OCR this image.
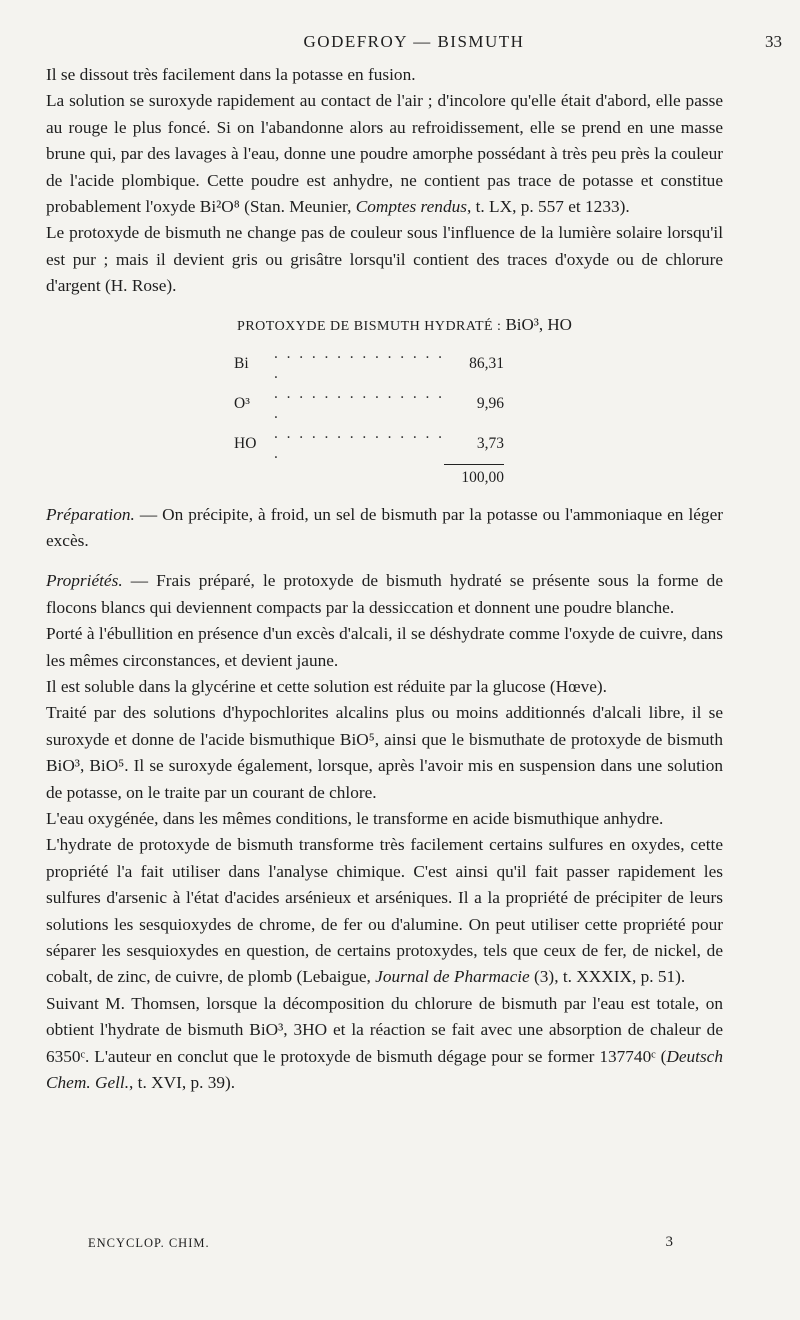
GODEFROY — BISMUTH	33

Il se dissout très facilement dans la potasse en fusion.

La solution se suroxyde rapidement au contact de l'air ; d'incolore qu'elle était d'abord, elle passe au rouge le plus foncé. Si on l'abandonne alors au refroidissement, elle se prend en une masse brune qui, par des lavages à l'eau, donne une poudre amorphe possédant à très peu près la couleur de l'acide plombique. Cette poudre est anhydre, ne contient pas trace de potasse et constitue probablement l'oxyde Bi²O⁸ (Stan. Meunier, Comptes rendus, t. LX, p. 557 et 1233).

Le protoxyde de bismuth ne change pas de couleur sous l'influence de la lumière solaire lorsqu'il est pur ; mais il devient gris ou grisâtre lorsqu'il contient des traces d'oxyde ou de chlorure d'argent (H. Rose).

PROTOXYDE DE BISMUTH HYDRATÉ : BiO³, HO
Bi	. . . . . . . . . . . . . . .	86,31
O³	. . . . . . . . . . . . . . .	9,96
HO	. . . . . . . . . . . . . . .	3,73
		100,00

Préparation. — On précipite, à froid, un sel de bismuth par la potasse ou l'ammoniaque en léger excès.

Propriétés. — Frais préparé, le protoxyde de bismuth hydraté se présente sous la forme de flocons blancs qui deviennent compacts par la dessiccation et donnent une poudre blanche.

Porté à l'ébullition en présence d'un excès d'alcali, il se déshydrate comme l'oxyde de cuivre, dans les mêmes circonstances, et devient jaune.

Il est soluble dans la glycérine et cette solution est réduite par la glucose (Hœve).

Traité par des solutions d'hypochlorites alcalins plus ou moins additionnés d'alcali libre, il se suroxyde et donne de l'acide bismuthique BiO⁵, ainsi que le bismuthate de protoxyde de bismuth BiO³, BiO⁵. Il se suroxyde également, lorsque, après l'avoir mis en suspension dans une solution de potasse, on le traite par un courant de chlore.

L'eau oxygénée, dans les mêmes conditions, le transforme en acide bismuthique anhydre.

L'hydrate de protoxyde de bismuth transforme très facilement certains sulfures en oxydes, cette propriété l'a fait utiliser dans l'analyse chimique. C'est ainsi qu'il fait passer rapidement les sulfures d'arsenic à l'état d'acides arsénieux et arséniques. Il a la propriété de précipiter de leurs solutions les sesquioxydes de chrome, de fer ou d'alumine. On peut utiliser cette propriété pour séparer les sesquioxydes en question, de certains protoxydes, tels que ceux de fer, de nickel, de cobalt, de zinc, de cuivre, de plomb (Lebaigue, Journal de Pharmacie (3), t. XXXIX, p. 51).

Suivant M. Thomsen, lorsque la décomposition du chlorure de bismuth par l'eau est totale, on obtient l'hydrate de bismuth BiO³, 3HO et la réaction se fait avec une absorption de chaleur de 6350ᶜ. L'auteur en conclut que le protoxyde de bismuth dégage pour se former 137740ᶜ (Deutsch Chem. Gell., t. XVI, p. 39).

ENCYCLOP. CHIM.	3
